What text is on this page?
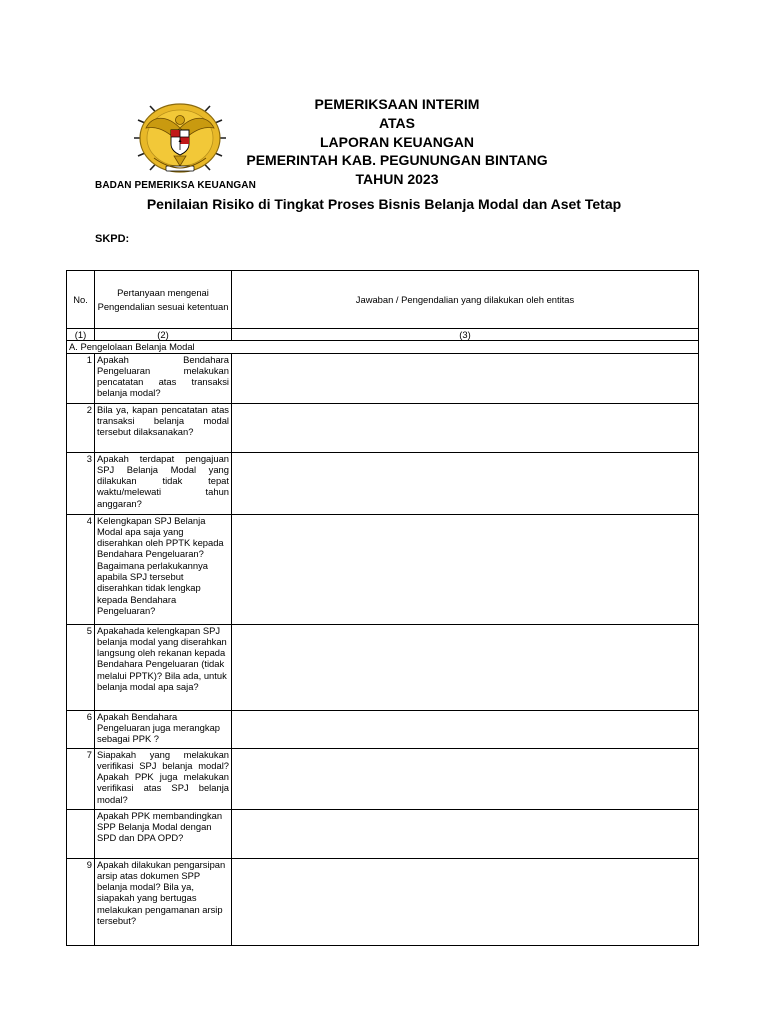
PEMERIKSAAN INTERIM
ATAS
LAPORAN KEUANGAN
PEMERINTAH KAB. PEGUNUNGAN BINTANG
TAHUN 2023
BADAN PEMERIKSA KEUANGAN
Penilaian Risiko di Tingkat Proses Bisnis Belanja Modal dan Aset Tetap
SKPD:
No.	Pertanyaan mengenai Pengendalian sesuai ketentuan	Jawaban / Pengendalian yang dilakukan oleh entitas
(1)	(2)	(3)
A. Pengelolaan Belanja Modal		
1	Apakah Bendahara Pengeluaran melakukan pencatatan atas transaksi belanja modal?	
2	Bila ya, kapan pencatatan atas transaksi belanja modal tersebut dilaksanakan?	
3	Apakah terdapat pengajuan SPJ Belanja Modal yang dilakukan tidak tepat waktu/melewati tahun anggaran?	
4	Kelengkapan SPJ Belanja Modal apa saja yang diserahkan oleh PPTK kepada Bendahara Pengeluaran? Bagaimana perlakukannya apabila SPJ tersebut diserahkan tidak lengkap kepada Bendahara Pengeluaran?	
5	Apakahada kelengkapan SPJ belanja modal yang diserahkan langsung oleh rekanan kepada Bendahara Pengeluaran (tidak melalui PPTK)? Bila ada, untuk belanja modal apa saja?	
6	Apakah Bendahara Pengeluaran juga merangkap sebagai PPK ?	
7	Siapakah yang melakukan verifikasi SPJ belanja modal? Apakah PPK juga melakukan verifikasi atas SPJ belanja modal?	
	Apakah PPK membandingkan SPP Belanja Modal dengan SPD dan DPA OPD?	
9	Apakah dilakukan pengarsipan arsip atas dokumen SPP belanja modal? Bila ya, siapakah yang bertugas melakukan pengamanan arsip tersebut?	
